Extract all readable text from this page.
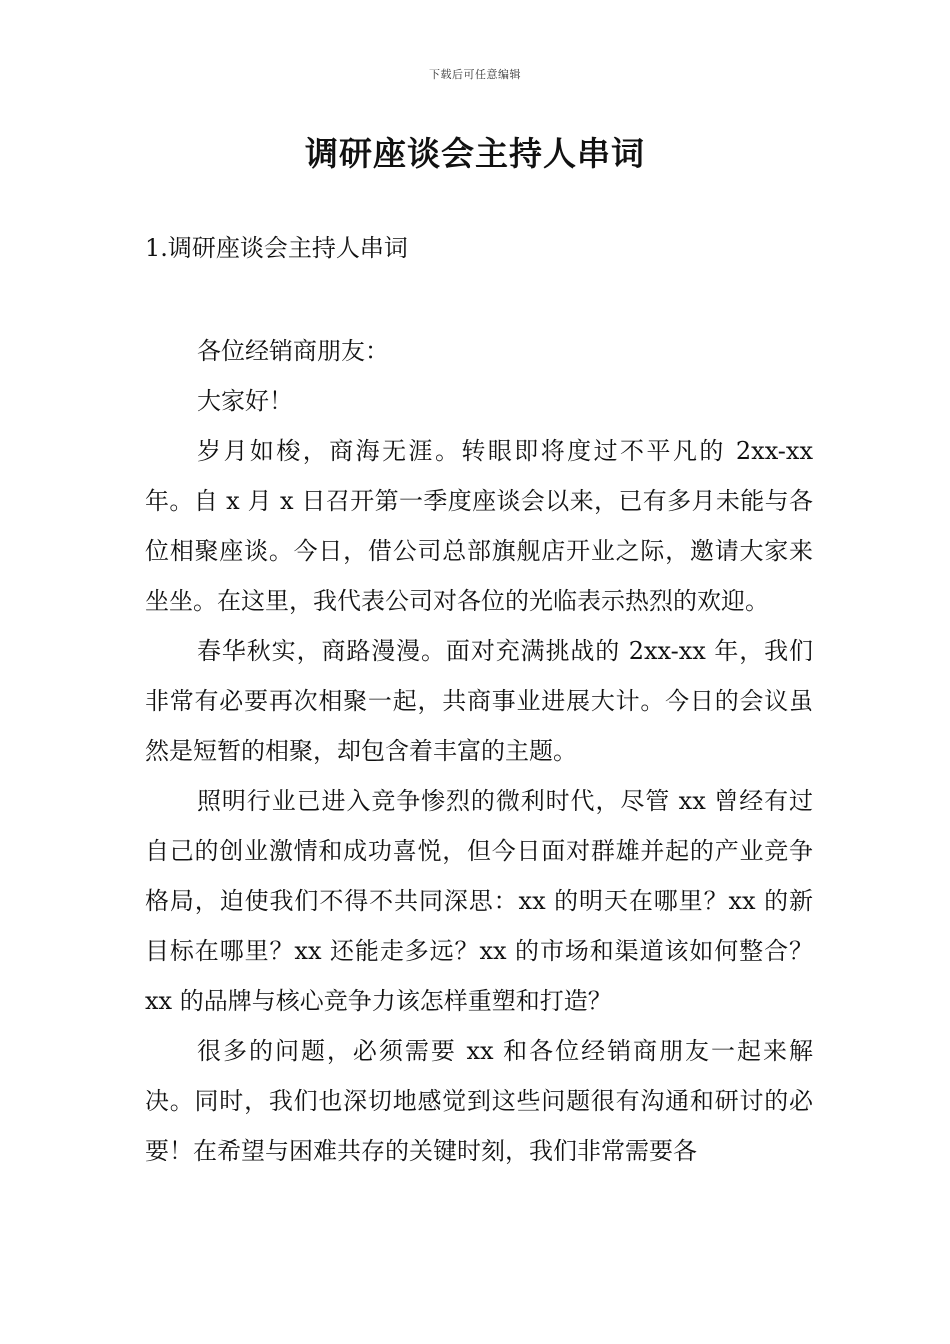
下载后可任意编辑
调研座谈会主持人串词
1.调研座谈会主持人串词

各位经销商朋友：

大家好！

岁月如梭，商海无涯。转眼即将度过不平凡的 2xx-xx 年。自 x 月 x 日召开第一季度座谈会以来，已有多月未能与各位相聚座谈。今日，借公司总部旗舰店开业之际，邀请大家来坐坐。在这里，我代表公司对各位的光临表示热烈的欢迎。

春华秋实，商路漫漫。面对充满挑战的 2xx-xx 年，我们非常有必要再次相聚一起，共商事业进展大计。今日的会议虽然是短暂的相聚，却包含着丰富的主题。

照明行业已进入竞争惨烈的微利时代，尽管 xx 曾经有过自己的创业激情和成功喜悦，但今日面对群雄并起的产业竞争格局，迫使我们不得不共同深思：xx 的明天在哪里？xx 的新目标在哪里？xx 还能走多远？xx 的市场和渠道该如何整合？xx 的品牌与核心竞争力该怎样重塑和打造？

很多的问题，必须需要 xx 和各位经销商朋友一起来解决。同时，我们也深切地感觉到这些问题很有沟通和研讨的必要！在希望与困难共存的关键时刻，我们非常需要各
